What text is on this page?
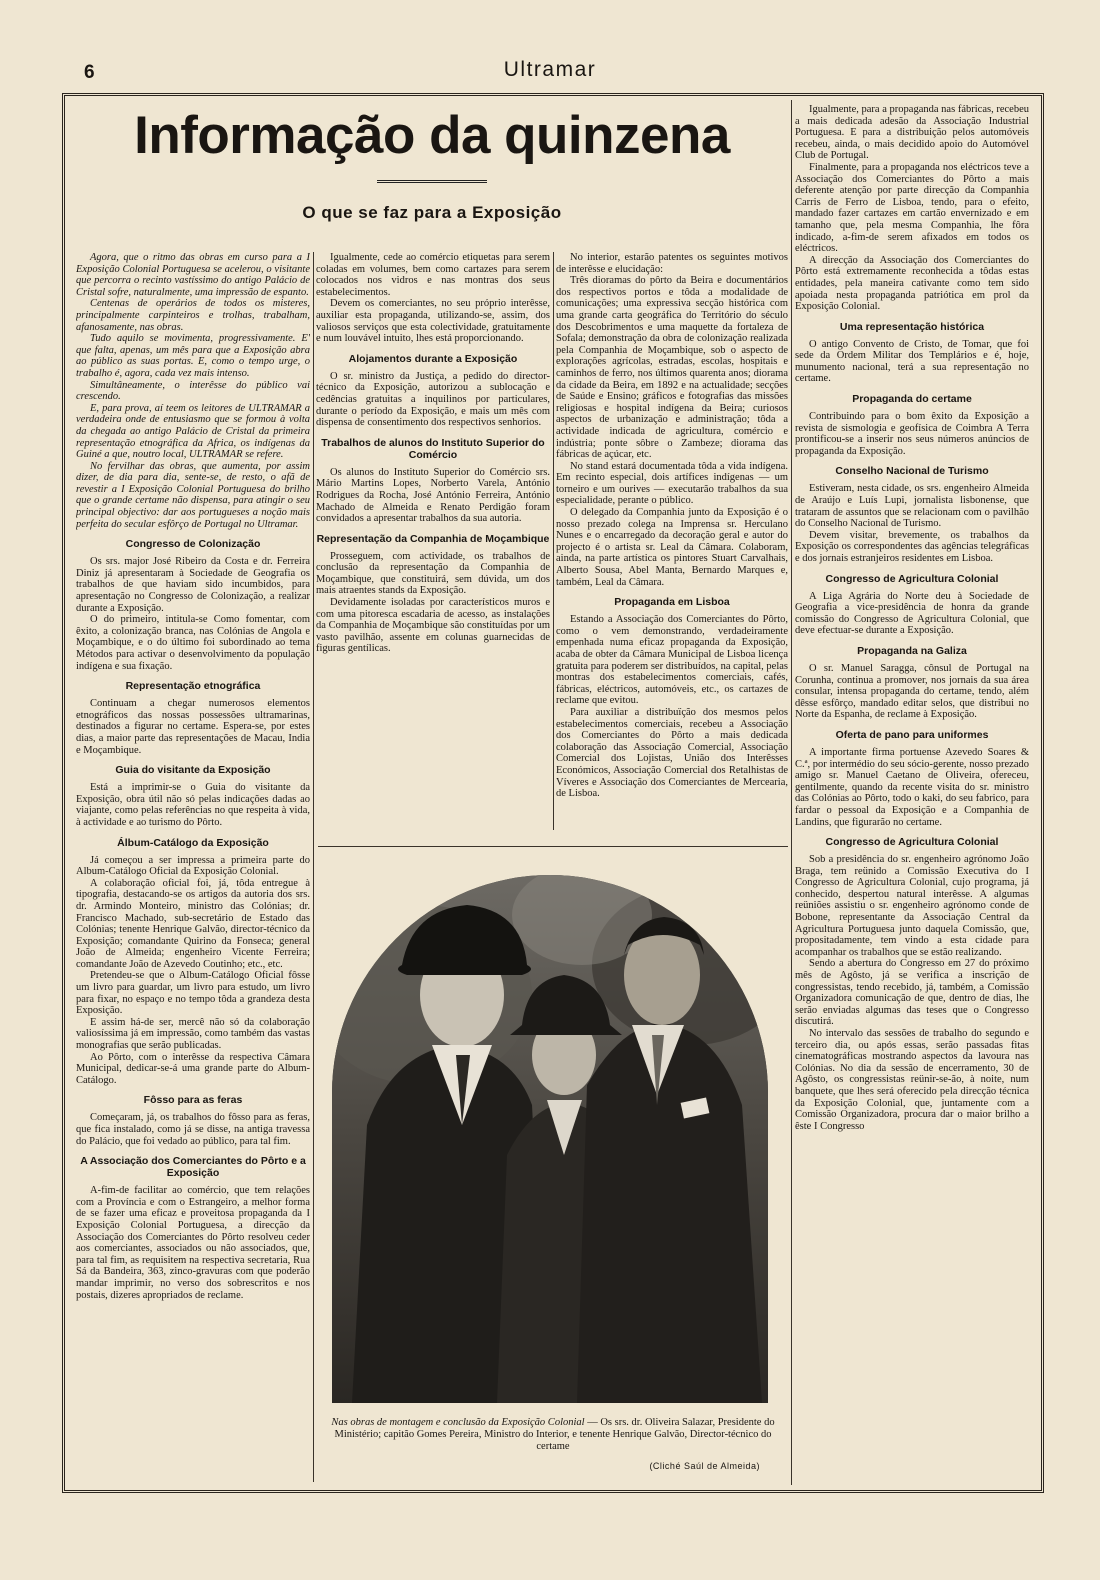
6	Ultramar
Informação da quinzena
O que se faz para a Exposição

Agora, que o ritmo das obras em curso para a I Exposição Colonial Portuguesa se acelerou, o visitante que percorra o recinto vastíssimo do antigo Palácio de Cristal sofre, naturalmente, uma impressão de espanto.

Centenas de operários de todos os misteres, principalmente carpinteiros e trolhas, trabalham, afanosamente, nas obras.

Tudo aquilo se movimenta, progressivamente. E' que falta, apenas, um mês para que a Exposição abra ao público as suas portas. E, como o tempo urge, o trabalho é, agora, cada vez mais intenso.

Simultâneamente, o interêsse do público vai crescendo.

E, para prova, aí teem os leitores de ULTRAMAR a verdadeira onde de entusiasmo que se formou à volta da chegada ao antigo Palácio de Cristal da primeira representação etnográfica da Africa, os indígenas da Guiné a que, noutro local, ULTRAMAR se refere.

No fervilhar das obras, que aumenta, por assim dizer, de dia para dia, sente-se, de resto, o afã de revestir a I Exposição Colonial Portuguesa do brilho que o grande certame não dispensa, para atingir o seu principal objectivo: dar aos portugueses a noção mais perfeita do secular esfôrço de Portugal no Ultramar.

Congresso de Colonização

Os srs. major José Ribeiro da Costa e dr. Ferreira Diniz já apresentaram à Sociedade de Geografia os trabalhos de que haviam sido incumbidos, para apresentação no Congresso de Colonização, a realizar durante a Exposição.

O do primeiro, intitula-se Como fomentar, com êxito, a colonização branca, nas Colónias de Angola e Moçambique, e o do último foi subordinado ao tema Métodos para activar o desenvolvimento da população indígena e sua fixação.

Representação etnográfica

Continuam a chegar numerosos elementos etnográficos das nossas possessões ultramarinas, destinados a figurar no certame. Espera-se, por estes dias, a maior parte das representações de Macau, India e Moçambique.

Guia do visitante da Exposição

Está a imprimir-se o Guia do visitante da Exposição, obra útil não só pelas indicações dadas ao viajante, como pelas referências no que respeita à vida, à actividade e ao turismo do Pôrto.

Álbum-Catálogo da Exposição

Já começou a ser impressa a primeira parte do Album-Catálogo Oficial da Exposição Colonial.

A colaboração oficial foi, já, tôda entregue à tipografia, destacando-se os artigos da autoria dos srs. dr. Armindo Monteiro, ministro das Colónias; dr. Francisco Machado, sub-secretário de Estado das Colónias; tenente Henrique Galvão, director-técnico da Exposição; comandante Quirino da Fonseca; general João de Almeida; engenheiro Vicente Ferreira; comandante João de Azevedo Coutinho; etc., etc.

Pretendeu-se que o Album-Catálogo Oficial fôsse um livro para guardar, um livro para estudo, um livro para fixar, no espaço e no tempo tôda a grandeza desta Exposição.

E assim há-de ser, mercê não só da colaboração valiosíssima já em impressão, como também das vastas monografias que serão publicadas.

Ao Pôrto, com o interêsse da respectiva Câmara Municipal, dedicar-se-á uma grande parte do Album-Catálogo.

Fôsso para as feras

Começaram, já, os trabalhos do fôsso para as feras, que fica instalado, como já se disse, na antiga travessa do Palácio, que foi vedado ao público, para tal fim.

A Associação dos Comerciantes do Pôrto e a Exposição

A-fim-de facilitar ao comércio, que tem relações com a Província e com o Estrangeiro, a melhor forma de se fazer uma eficaz e proveitosa propaganda da I Exposição Colonial Portuguesa, a direcção da Associação dos Comerciantes do Pôrto resolveu ceder aos comerciantes, associados ou não associados, que, para tal fim, as requisitem na respectiva secretaria, Rua Sá da Bandeira, 363, zinco-gravuras com que poderão mandar imprimir, no verso dos sobrescritos e nos postais, dizeres apropriados de reclame.

Igualmente, cede ao comércio etiquetas para serem coladas em volumes, bem como cartazes para serem colocados nos vidros e nas montras dos seus estabelecimentos.

Devem os comerciantes, no seu próprio interêsse, auxiliar esta propaganda, utilizando-se, assim, dos valiosos serviços que esta colectividade, gratuitamente e num louvável intuito, lhes está proporcionando.

Alojamentos durante a Exposição

O sr. ministro da Justiça, a pedido do director-técnico da Exposição, autorizou a sublocação e cedências gratuitas a inquilinos por particulares, durante o período da Exposição, e mais um mês com dispensa de consentimento dos respectivos senhorios.

Trabalhos de alunos do Instituto Superior do Comércio

Os alunos do Instituto Superior do Comércio srs. Mário Martins Lopes, Norberto Varela, António Rodrigues da Rocha, José António Ferreira, António Machado de Almeida e Renato Perdigão foram convidados a apresentar trabalhos da sua autoria.

Representação da Companhia de Moçambique

Prosseguem, com actividade, os trabalhos de conclusão da representação da Companhia de Moçambique, que constituirá, sem dúvida, um dos mais atraentes stands da Exposição.

Devidamente isoladas por característicos muros e com uma pitoresca escadaria de acesso, as instalações da Companhia de Moçambique são constituídas por um vasto pavilhão, assente em colunas guarnecidas de figuras gentílicas.

No interior, estarão patentes os seguintes motivos de interêsse e elucidação:

Três dioramas do pôrto da Beira e documentários dos respectivos portos e tôda a modalidade de comunicações; uma expressiva secção histórica com uma grande carta geográfica do Território do século dos Descobrimentos e uma maquette da fortaleza de Sofala; demonstração da obra de colonização realizada pela Companhia de Moçambique, sob o aspecto de explorações agrícolas, estradas, escolas, hospitais e caminhos de ferro, nos últimos quarenta anos; diorama da cidade da Beira, em 1892 e na actualidade; secções de Saúde e Ensino; gráficos e fotografias das missões religiosas e hospital indígena da Beira; curiosos aspectos de urbanização e administração; tôda a actividade indicada de agricultura, comércio e indústria; ponte sôbre o Zambeze; diorama das fábricas de açúcar, etc.

No stand estará documentada tôda a vida indígena. Em recinto especial, dois artífices indígenas — um torneiro e um ourives — executarão trabalhos da sua especialidade, perante o público.

O delegado da Companhia junto da Exposição é o nosso prezado colega na Imprensa sr. Herculano Nunes e o encarregado da decoração geral e autor do projecto é o artista sr. Leal da Câmara. Colaboram, ainda, na parte artística os pintores Stuart Carvalhais, Alberto Sousa, Abel Manta, Bernardo Marques e, também, Leal da Câmara.

Propaganda em Lisboa

Estando a Associação dos Comerciantes do Pôrto, como o vem demonstrando, verdadeiramente empenhada numa eficaz propaganda da Exposição, acaba de obter da Câmara Municipal de Lisboa licença gratuita para poderem ser distribuídos, na capital, pelas montras dos estabelecimentos comerciais, cafés, fábricas, eléctricos, automóveis, etc., os cartazes de reclame que evitou.

Para auxiliar a distribuïção dos mesmos pelos estabelecimentos comerciais, recebeu a Associação dos Comerciantes do Pôrto a mais dedicada colaboração das Associação Comercial, Associação Comercial dos Lojistas, União dos Interêsses Económicos, Associação Comercial dos Retalhistas de Víveres e Associação dos Comerciantes de Mercearia, de Lisboa.

Igualmente, para a propaganda nas fábricas, recebeu a mais dedicada adesão da Associação Industrial Portuguesa. E para a distribuição pelos automóveis recebeu, ainda, o mais decidido apoio do Automóvel Club de Portugal.

Finalmente, para a propaganda nos eléctricos teve a Associação dos Comerciantes do Pôrto a mais deferente atenção por parte direcção da Companhia Carris de Ferro de Lisboa, tendo, para o efeito, mandado fazer cartazes em cartão envernizado e em tamanho que, pela mesma Companhia, lhe fôra indicado, a-fim-de serem afixados em todos os eléctricos.

A direcção da Associação dos Comerciantes do Pôrto está extremamente reconhecida a tôdas estas entidades, pela maneira cativante como tem sido apoiada nesta propaganda patriótica em prol da Exposição Colonial.

Uma representação histórica

O antigo Convento de Cristo, de Tomar, que foi sede da Ordem Militar dos Templários e é, hoje, munumento nacional, terá a sua representação no certame.

Propaganda do certame

Contribuindo para o bom êxito da Exposição a revista de sismologia e geofísica de Coimbra A Terra prontificou-se a inserir nos seus números anúncios de propaganda da Exposição.

Conselho Nacional de Turismo

Estiveram, nesta cidade, os srs. engenheiro Almeida de Araújo e Luís Lupi, jornalista lisbonense, que trataram de assuntos que se relacionam com o pavilhão do Conselho Nacional de Turismo.

Devem visitar, brevemente, os trabalhos da Exposição os correspondentes das agências telegráficas e dos jornais estranjeiros residentes em Lisboa.

Congresso de Agricultura Colonial

A Liga Agrária do Norte deu à Sociedade de Geografia a vice-presidência de honra da grande comissão do Congresso de Agricultura Colonial, que deve efectuar-se durante a Exposição.

Propaganda na Galiza

O sr. Manuel Saragga, cônsul de Portugal na Corunha, continua a promover, nos jornais da sua área consular, intensa propaganda do certame, tendo, além dêsse esfôrço, mandado editar selos, que distribui no Norte da Espanha, de reclame à Exposição.

Oferta de pano para uniformes

A importante firma portuense Azevedo Soares & C.ª, por intermédio do seu sócio-gerente, nosso prezado amigo sr. Manuel Caetano de Oliveira, ofereceu, gentilmente, quando da recente visita do sr. ministro das Colónias ao Pôrto, todo o kaki, do seu fabrico, para fardar o pessoal da Exposição e a Companhia de Landins, que figurarão no certame.

Congresso de Agricultura Colonial

Sob a presidência do sr. engenheiro agrónomo João Braga, tem reünido a Comissão Executiva do I Congresso de Agricultura Colonial, cujo programa, já conhecido, despertou natural interêsse. A algumas reüniões assistiu o sr. engenheiro agrónomo conde de Bobone, representante da Associação Central da Agricultura Portuguesa junto daquela Comissão, que, propositadamente, tem vindo a esta cidade para acompanhar os trabalhos que se estão realizando.

Sendo a abertura do Congresso em 27 do próximo mês de Agôsto, já se verifica a inscrição de congressistas, tendo recebido, já, também, a Comissão Organizadora comunicação de que, dentro de dias, lhe serão enviadas algumas das teses que o Congresso discutirá.

No intervalo das sessões de trabalho do segundo e terceiro dia, ou após essas, serão passadas fitas cinematográficas mostrando aspectos da lavoura nas Colónias. No dia da sessão de encerramento, 30 de Agôsto, os congressistas reünir-se-ão, à noite, num banquete, que lhes será oferecido pela direcção técnica da Exposição Colonial, que, juntamente com a Comissão Organizadora, procura dar o maior brilho a êste I Congresso

Nas obras de montagem e conclusão da Exposição Colonial — Os srs. dr. Oliveira Salazar, Presidente do Ministério; capitão Gomes Pereira, Ministro do Interior, e tenente Henrique Galvão, Director-técnico do certame
(Cliché Saúl de Almeida)
